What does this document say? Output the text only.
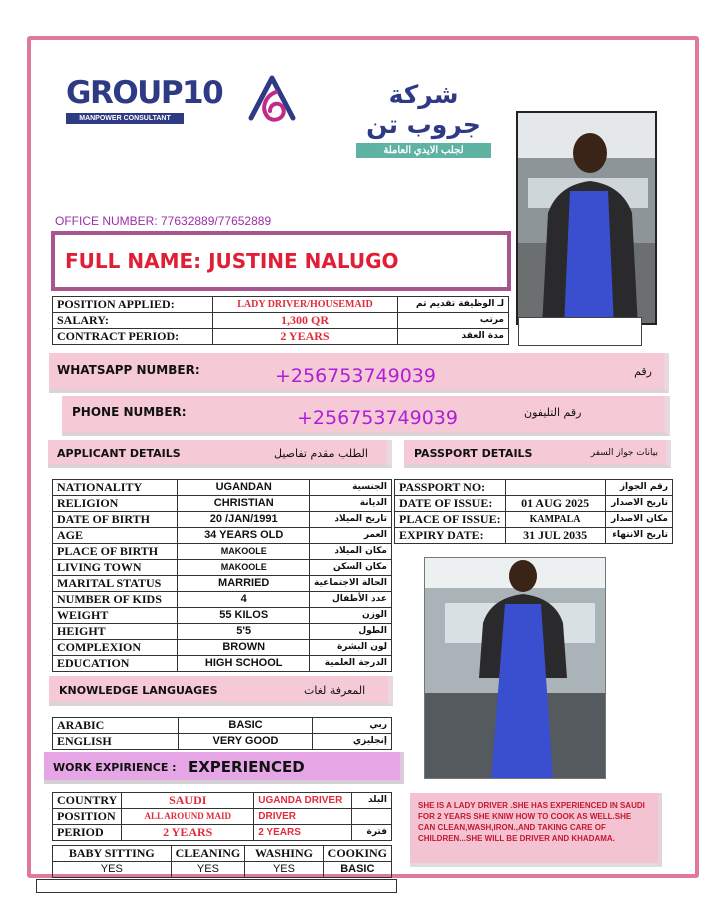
GROUP10
MANPOWER CONSULTANT
شركة جروب تن
لجلب الايدي العاملة
OFFICE NUMBER: 77632889/77652889
FULL NAME: JUSTINE NALUGO
POSITION APPLIED:	LADY DRIVER/HOUSEMAID	لـ الوظيفة تقديم تم
SALARY:	1,300 QR	مرتب
CONTRACT PERIOD:	2 YEARS	مدة العقد
WHATSAPP NUMBER:	+256753749039	رقم
PHONE NUMBER:	+256753749039	رقم التليفون
APPLICANT DETAILS	الطلب مقدم تفاصيل	PASSPORT DETAILS	بيانات جواز السفر
NATIONALITY	UGANDAN	الجنسية
RELIGION	CHRISTIAN	الديانة
DATE OF BIRTH	20 /JAN/1991	تاريخ الميلاد
AGE	34 YEARS OLD	العمر
PLACE OF BIRTH	MAKOOLE	مكان الميلاد
LIVING TOWN	MAKOOLE	مكان السكن
MARITAL STATUS	MARRIED	الحالة الاجتماعية
NUMBER OF KIDS	4	عدد الأطفال
WEIGHT	55 KILOS	الوزن
HEIGHT	5'5	الطول
COMPLEXION	BROWN	لون البشرة
EDUCATION	HIGH SCHOOL	الدرجة العلمية
PASSPORT NO:		رقم الجواز
DATE OF ISSUE:	01 AUG 2025	تاريخ الاصدار
PLACE OF ISSUE:	KAMPALA	مكان الاصدار
EXPIRY DATE:	31 JUL 2035	تاريخ الانتهاء
KNOWLEDGE LANGUAGES	المعرفة لغات
ARABIC	BASIC	ربي
ENGLISH	VERY GOOD	إنجليزي
WORK EXPIRIENCE : EXPERIENCED
COUNTRY	SAUDI	UGANDA DRIVER	البلد
POSITION	ALL AROUND MAID	DRIVER	
PERIOD	2 YEARS	2 YEARS	فترة
BABY SITTING	CLEANING	WASHING	COOKING
YES	YES	YES	BASIC
SHE IS A LADY DRIVER .SHE HAS EXPERIENCED IN SAUDI FOR 2 YEARS SHE KNIW HOW TO COOK AS WELL.SHE CAN CLEAN,WASH,IRON.,AND TAKING CARE OF CHILDREN...SHE WILL BE DRIVER AND KHADAMA.
